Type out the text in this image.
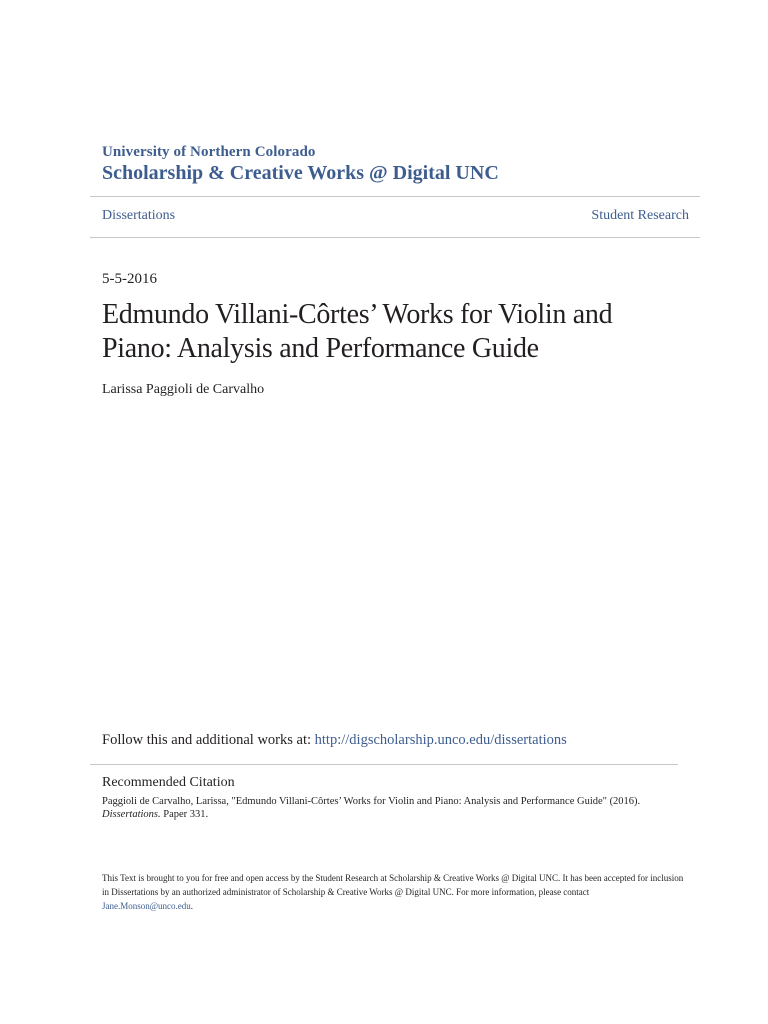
University of Northern Colorado
Scholarship & Creative Works @ Digital UNC
Dissertations	Student Research
5-5-2016
Edmundo Villani-Côrtes’ Works for Violin and Piano: Analysis and Performance Guide
Larissa Paggioli de Carvalho
Follow this and additional works at: http://digscholarship.unco.edu/dissertations
Recommended Citation
Paggioli de Carvalho, Larissa, "Edmundo Villani-Côrtes’ Works for Violin and Piano: Analysis and Performance Guide" (2016).
Dissertations. Paper 331.
This Text is brought to you for free and open access by the Student Research at Scholarship & Creative Works @ Digital UNC. It has been accepted for inclusion in Dissertations by an authorized administrator of Scholarship & Creative Works @ Digital UNC. For more information, please contact
Jane.Monson@unco.edu.
